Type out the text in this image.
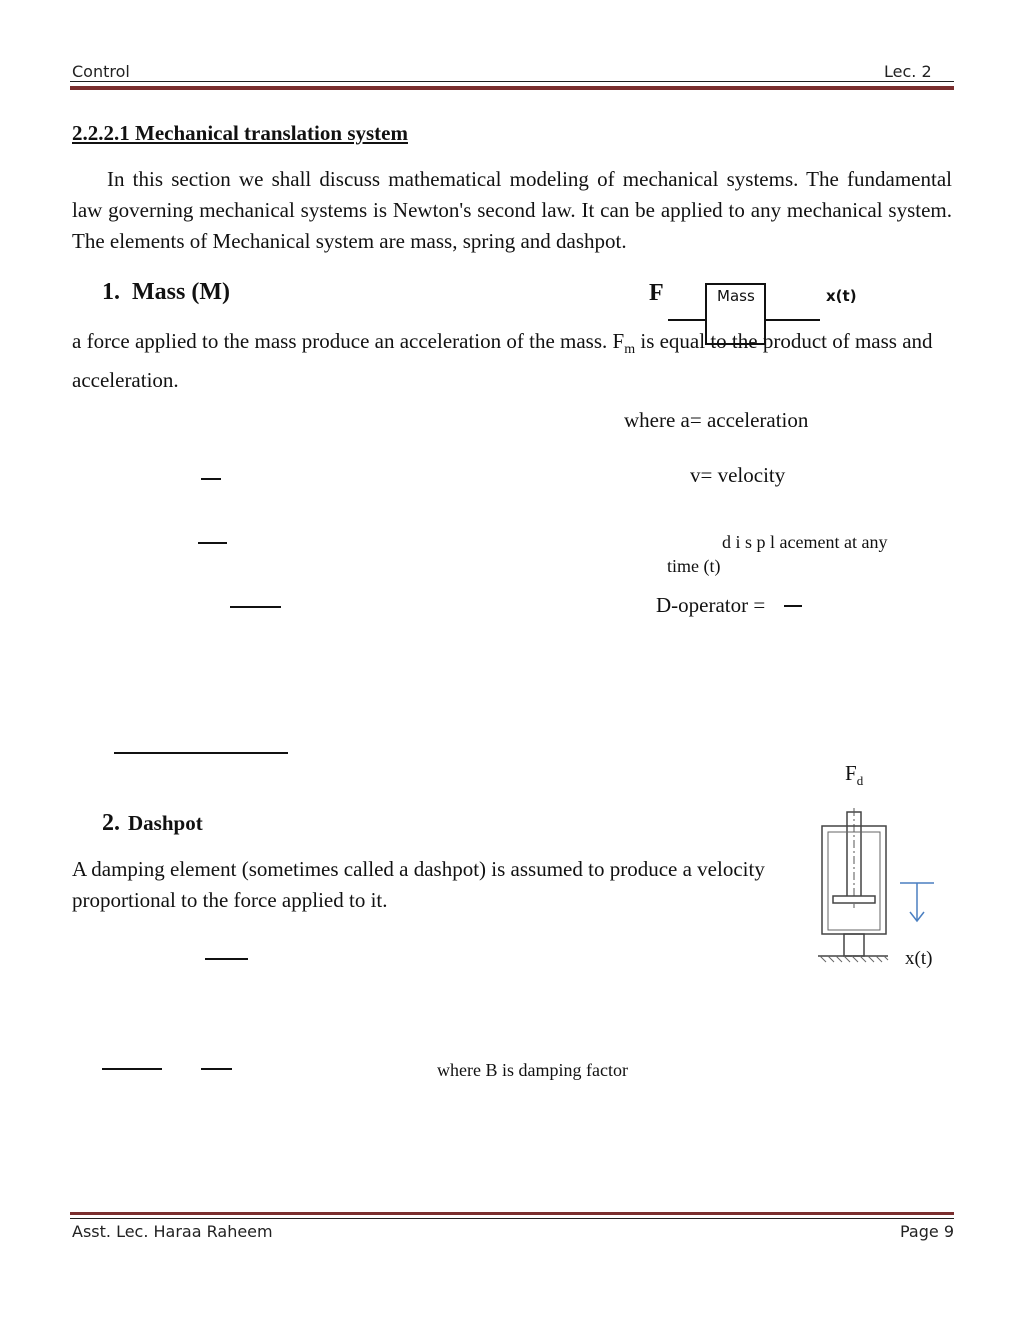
Control	Lec. 2
2.2.2.1 Mechanical translation system
In this section we shall discuss mathematical modeling of mechanical systems. The fundamental law governing mechanical systems is Newton's second law. It can be applied to any mechanical system. The elements of Mechanical system are mass, spring and dashpot.
1. Mass (M)	F	Mass	x(t)
a force applied to the mass produce an acceleration of the mass. $F_m$ is equal to the product of mass and acceleration.
where a= acceleration
v= velocity
d i s p l acement at any
time (t)
D-operator =
2. Dashpot
A damping element (sometimes called a dashpot) is assumed to produce a velocity proportional to the force applied to it.
$F_d$
x(t)
where B is damping factor
Asst. Lec. Haraa Raheem	Page 9
